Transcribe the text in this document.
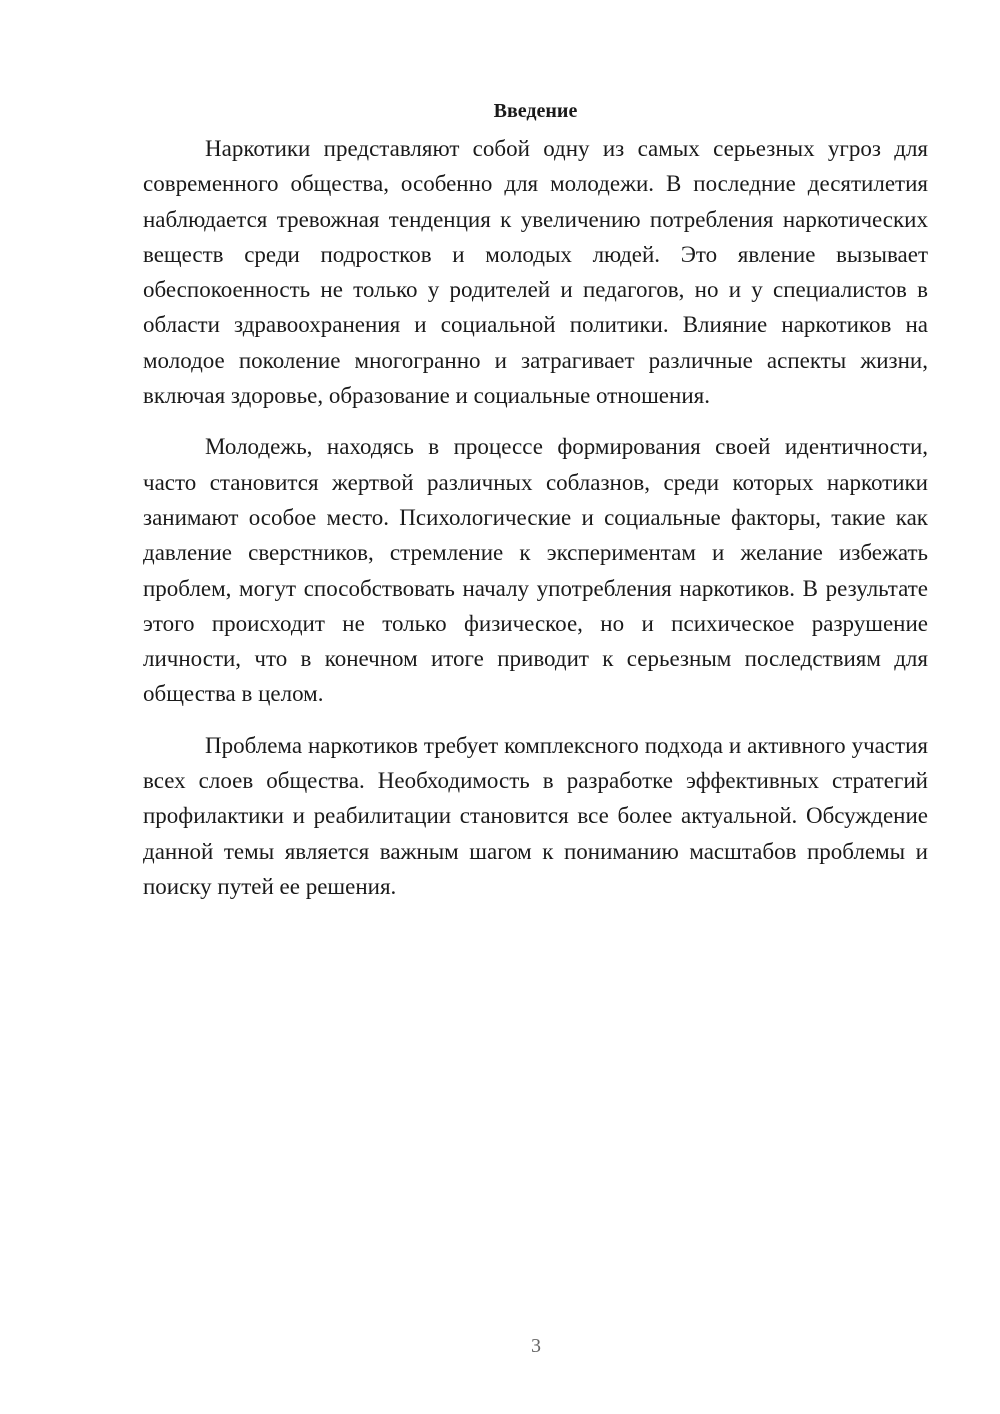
Введение

Наркотики представляют собой одну из самых серьезных угроз для современного общества, особенно для молодежи. В последние десятилетия наблюдается тревожная тенденция к увеличению потребления наркотических веществ среди подростков и молодых людей. Это явление вызывает обеспокоенность не только у родителей и педагогов, но и у специалистов в области здравоохранения и социальной политики. Влияние наркотиков на молодое поколение многогранно и затрагивает различные аспекты жизни, включая здоровье, образование и социальные отношения.

Молодежь, находясь в процессе формирования своей идентичности, часто становится жертвой различных соблазнов, среди которых наркотики занимают особое место. Психологические и социальные факторы, такие как давление сверстников, стремление к экспериментам и желание избежать проблем, могут способствовать началу употребления наркотиков. В результате этого происходит не только физическое, но и психическое разрушение личности, что в конечном итоге приводит к серьезным последствиям для общества в целом.

Проблема наркотиков требует комплексного подхода и активного участия всех слоев общества. Необходимость в разработке эффективных стратегий профилактики и реабилитации становится все более актуальной. Обсуждение данной темы является важным шагом к пониманию масштабов проблемы и поиску путей ее решения.

3
